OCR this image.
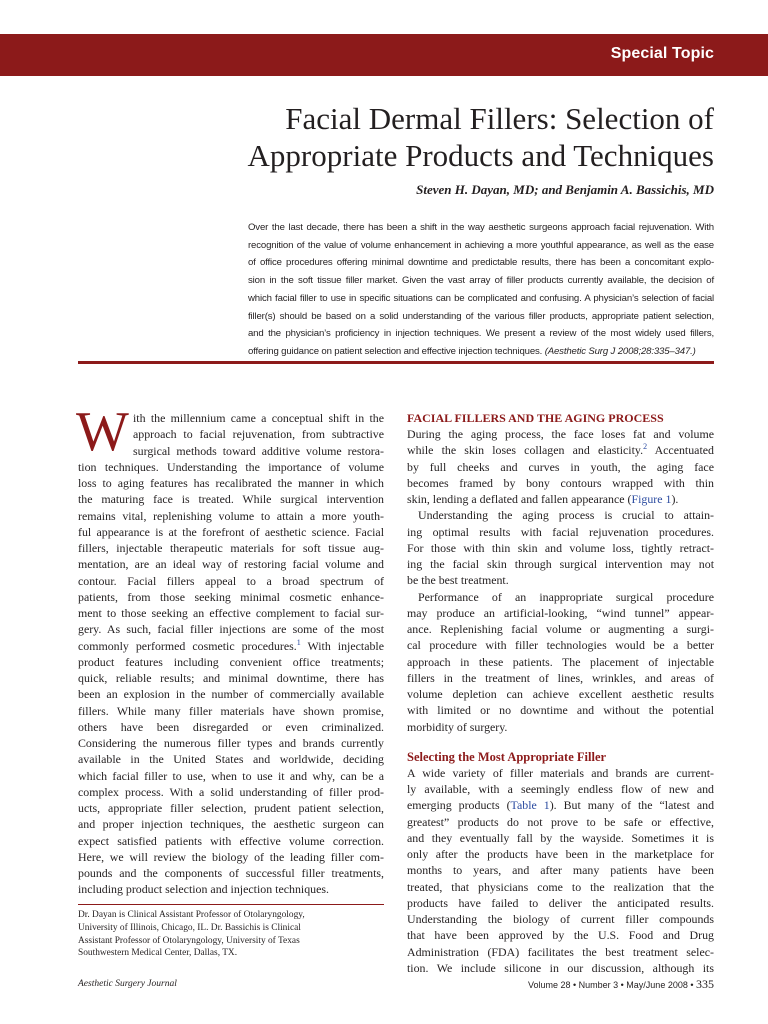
Special Topic
Facial Dermal Fillers: Selection of
Appropriate Products and Techniques
Steven H. Dayan, MD; and Benjamin A. Bassichis, MD
Over the last decade, there has been a shift in the way aesthetic surgeons approach facial rejuvenation. With
recognition of the value of volume enhancement in achieving a more youthful appearance, as well as the ease
of office procedures offering minimal downtime and predictable results, there has been a concomitant explo-
sion in the soft tissue filler market. Given the vast array of filler products currently available, the decision of
which facial filler to use in specific situations can be complicated and confusing. A physician’s selection of facial
filler(s) should be based on a solid understanding of the various filler products, appropriate patient selection,
and the physician’s proficiency in injection techniques. We present a review of the most widely used fillers,
offering guidance on patient selection and effective injection techniques. (Aesthetic Surg J 2008;28:335–347.)
W ith the millennium came a conceptual shift in the
approach to facial rejuvenation, from subtractive
surgical methods toward additive volume restora-
tion techniques. Understanding the importance of volume
loss to aging features has recalibrated the manner in which
the maturing face is treated. While surgical intervention
remains vital, replenishing volume to attain a more youth-
ful appearance is at the forefront of aesthetic science. Facial
fillers, injectable therapeutic materials for soft tissue aug-
mentation, are an ideal way of restoring facial volume and
contour. Facial fillers appeal to a broad spectrum of
patients, from those seeking minimal cosmetic enhance-
ment to those seeking an effective complement to facial sur-
gery. As such, facial filler injections are some of the most
commonly performed cosmetic procedures.$^1$ With injectable
product features including convenient office treatments;
quick, reliable results; and minimal downtime, there has
been an explosion in the number of commercially available
fillers. While many filler materials have shown promise,
others have been disregarded or even criminalized.
Considering the numerous filler types and brands currently
available in the United States and worldwide, deciding
which facial filler to use, when to use it and why, can be a
complex process. With a solid understanding of filler prod-
ucts, appropriate filler selection, prudent patient selection,
and proper injection techniques, the aesthetic surgeon can
expect satisfied patients with effective volume correction.
Here, we will review the biology of the leading filler com-
pounds and the components of successful filler treatments,
including product selection and injection techniques.
Dr. Dayan is Clinical Assistant Professor of Otolaryngology,
University of Illinois, Chicago, IL. Dr. Bassichis is Clinical
Assistant Professor of Otolaryngology, University of Texas
Southwestern Medical Center, Dallas, TX.
FACIAL FILLERS AND THE AGING PROCESS
During the aging process, the face loses fat and volume
while the skin loses collagen and elasticity.$^2$ Accentuated
by full cheeks and curves in youth, the aging face
becomes framed by bony contours wrapped with thin
skin, lending a deflated and fallen appearance (Figure 1).
Understanding the aging process is crucial to attain-
ing optimal results with facial rejuvenation procedures.
For those with thin skin and volume loss, tightly retract-
ing the facial skin through surgical intervention may not
be the best treatment.
Performance of an inappropriate surgical procedure
may produce an artificial-looking, “wind tunnel” appear-
ance. Replenishing facial volume or augmenting a surgi-
cal procedure with filler technologies would be a better
approach in these patients. The placement of injectable
fillers in the treatment of lines, wrinkles, and areas of
volume depletion can achieve excellent aesthetic results
with limited or no downtime and without the potential
morbidity of surgery.
Selecting the Most Appropriate Filler
A wide variety of filler materials and brands are current-
ly available, with a seemingly endless flow of new and
emerging products (Table 1). But many of the “latest and
greatest” products do not prove to be safe or effective,
and they eventually fall by the wayside. Sometimes it is
only after the products have been in the marketplace for
months to years, and after many patients have been
treated, that physicians come to the realization that the
products have failed to deliver the anticipated results.
Understanding the biology of current filler compounds
that have been approved by the U.S. Food and Drug
Administration (FDA) facilitates the best treatment selec-
tion. We include silicone in our discussion, although its
Aesthetic Surgery Journal	Volume 28 • Number 3 • May/June 2008 • 335
